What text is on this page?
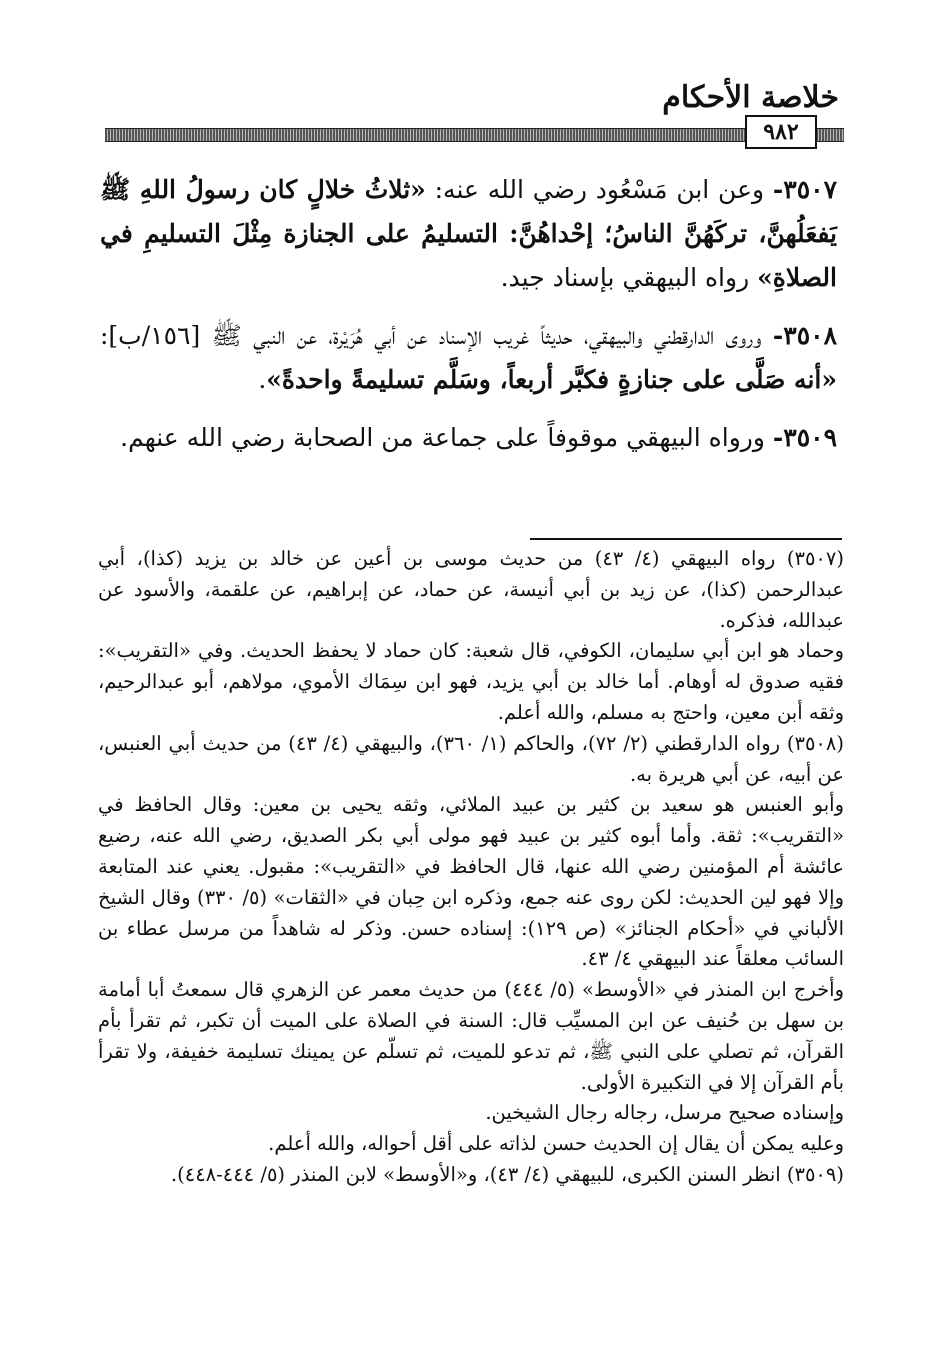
خلاصة الأحكام
٩٨٢

٣٥٠٧- وعن ابن مَسْعُود رضي الله عنه: «ثلاثُ خلالٍ كان رسولُ اللهِ ﷺ يَفعَلُهنَّ، تركَهُنَّ الناسُ؛ إحْداهُنَّ: التسليمُ على الجنازة مِثْلَ التسليمِ في الصلاةِ» رواه البيهقي بإسناد جيد.

٣٥٠٨- وروى الدارقطني والبيهقي، حديثاً غريب الإسناد عن أبي هُرَيْرة، عن النبي ﷺ [١٥٦/ب]: «أنه صَلَّى على جنازةٍ فكبَّر أربعاً، وسَلَّم تسليمةً واحدةً».

٣٥٠٩- ورواه البيهقي موقوفاً على جماعة من الصحابة رضي الله عنهم.

(٣٥٠٧) رواه البيهقي (٤/ ٤٣) من حديث موسى بن أعين عن خالد بن يزيد (كذا)، أبي عبدالرحمن (كذا)، عن زيد بن أبي أنيسة، عن حماد، عن إبراهيم، عن علقمة، والأسود عن عبدالله، فذكره.

وحماد هو ابن أبي سليمان، الكوفي، قال شعبة: كان حماد لا يحفظ الحديث. وفي «التقريب»: فقيه صدوق له أوهام. أما خالد بن أبي يزيد، فهو ابن سِمَاك الأموي، مولاهم، أبو عبدالرحيم، وثقه أبن معين، واحتج به مسلم، والله أعلم.

(٣٥٠٨) رواه الدارقطني (٢/ ٧٢)، والحاكم (١/ ٣٦٠)، والبيهقي (٤/ ٤٣) من حديث أبي العنبس، عن أبيه، عن أبي هريرة به.

وأبو العنبس هو سعيد بن كثير بن عبيد الملائي، وثقه يحيى بن معين: وقال الحافظ في «التقريب»: ثقة. وأما أبوه كثير بن عبيد فهو مولى أبي بكر الصديق، رضي الله عنه، رضيع عائشة أم المؤمنين رضي الله عنها، قال الحافظ في «التقريب»: مقبول. يعني عند المتابعة وإلا فهو لين الحديث: لكن روى عنه جمع، وذكره ابن حِبان في «الثقات» (٥/ ٣٣٠) وقال الشيخ الألباني في «أحكام الجنائز» (ص ١٢٩): إسناده حسن. وذكر له شاهداً من مرسل عطاء بن السائب معلقاً عند البيهقي ٤/ ٤٣.

وأخرج ابن المنذر في «الأوسط» (٥/ ٤٤٤) من حديث معمر عن الزهري قال سمعتُ أبا أمامة بن سهل بن حُنيف عن ابن المسيِّب قال: السنة في الصلاة على الميت أن تكبر، ثم تقرأ بأم القرآن، ثم تصلي على النبي ﷺ، ثم تدعو للميت، ثم تسلّم عن يمينك تسليمة خفيفة، ولا تقرأ بأم القرآن إلا في التكبيرة الأولى.

وإسناده صحيح مرسل، رجاله رجال الشيخين.

وعليه يمكن أن يقال إن الحديث حسن لذاته على أقل أحواله، والله أعلم.

(٣٥٠٩) انظر السنن الكبرى، للبيهقي (٤/ ٤٣)، و«الأوسط» لابن المنذر (٥/ ٤٤٤-٤٤٨).
